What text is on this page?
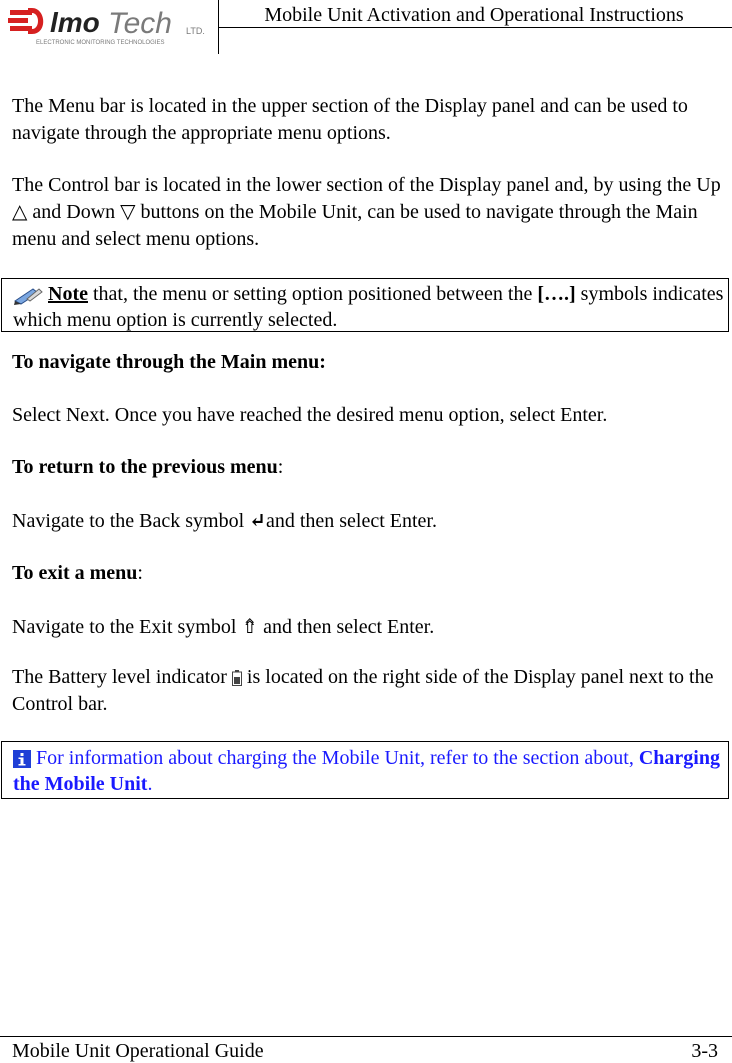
lmo Tech LTD.
ELECTRONIC MONITORING TECHNOLOGIES
Mobile Unit Activation and Operational Instructions

The Menu bar is located in the upper section of the Display panel and can be used to navigate through the appropriate menu options.

The Control bar is located in the lower section of the Display panel and, by using the Up △ and Down ▽ buttons on the Mobile Unit, can be used to navigate through the Main menu and select menu options.

Note that, the menu or setting option positioned between the [….] symbols indicates which menu option is currently selected.

To navigate through the Main menu:

Select Next. Once you have reached the desired menu option, select Enter.

To return to the previous menu:

Navigate to the Back symbol ↵and then select Enter.

To exit a menu:

Navigate to the Exit symbol ⇮ and then select Enter.

The Battery level indicator  is located on the right side of the Display panel next to the Control bar.

For information about charging the Mobile Unit, refer to the section about, Charging the Mobile Unit.
Mobile Unit Operational Guide	3-3
